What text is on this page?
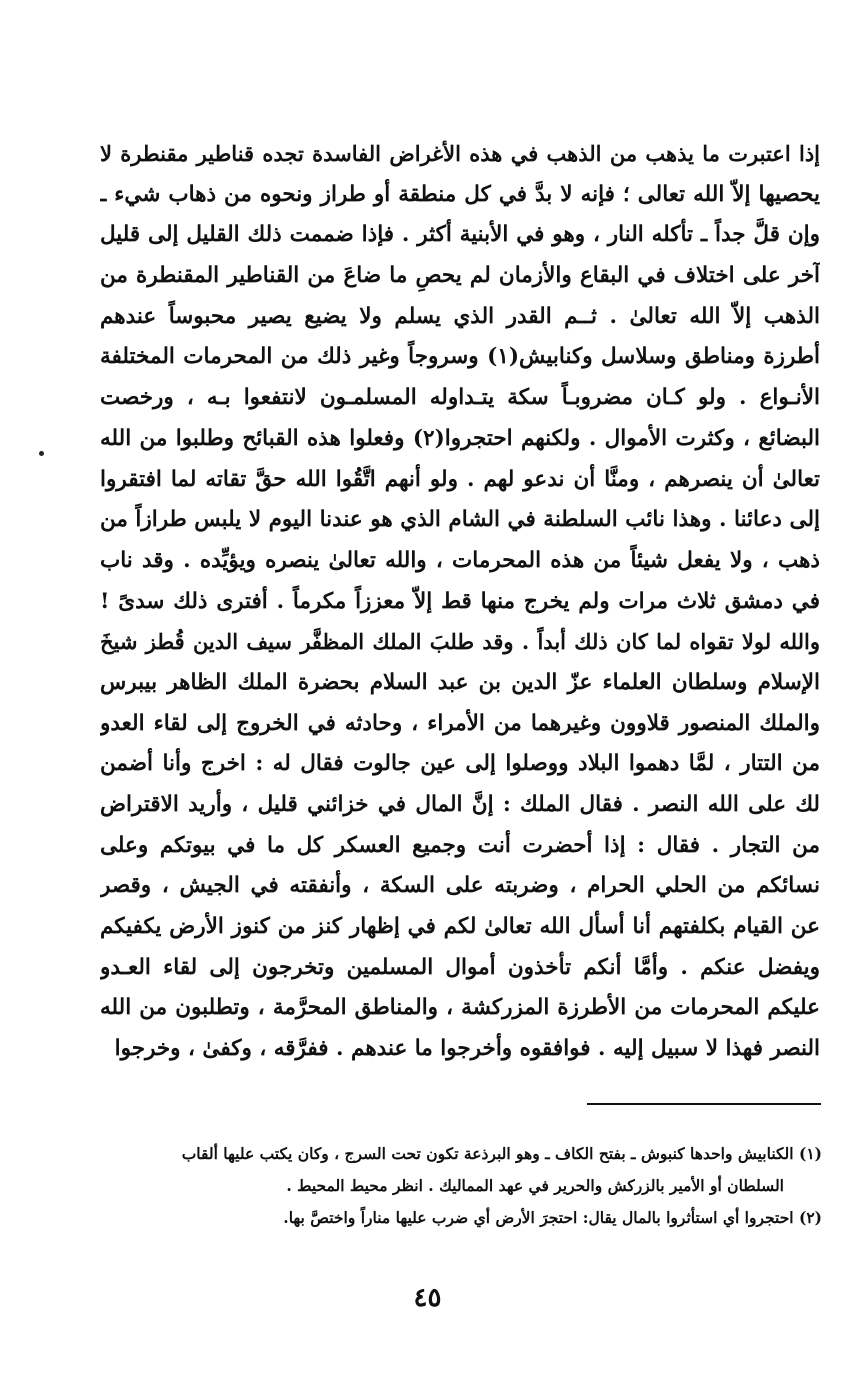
إذا اعتبرت ما يذهب من الذهب في هذه الأغراض الفاسدة تجده قناطير مقنطرة لا
يحصيها إلاّ الله تعالى ؛ فإنه لا بدَّ في كل منطقة أو طراز ونحوه من ذهاب شيء ـ
وإن قلَّ جداً ـ تأكله النار ، وهو في الأبنية أكثر . فإذا ضممت ذلك القليل إلى قليل
آخر على اختلاف في البقاع والأزمان لم يحصِ ما ضاعَ من القناطير المقنطرة من
الذهب إلاّ الله تعالىٰ . ثــم القدر الذي يسلم ولا يضيع يصير محبوساً عندهم
أطرزة ومناطق وسلاسل وكنابيش(١) وسروجاً وغير ذلك من المحرمات المختلفة
الأنـواع . ولو كـان مضروبـاً سكة يتـداوله المسلمـون لانتفعوا بـه ، ورخصت
البضائع ، وكثرت الأموال . ولكنهم احتجروا(٢) وفعلوا هذه القبائح وطلبوا من الله
تعالىٰ أن ينصرهم ، ومنَّا أن ندعو لهم . ولو أنهم اتَّقُوا الله حقَّ تقاته لما افتقروا
إلى دعائنا . وهذا نائب السلطنة في الشام الذي هو عندنا اليوم لا يلبس طرازاً من
ذهب ، ولا يفعل شيئاً من هذه المحرمات ، والله تعالىٰ ينصره ويؤيِّده . وقد ناب
في دمشق ثلاث مرات ولم يخرج منها قط إلاّ معززاً مكرماً . أفترى ذلك سدىً !
والله لولا تقواه لما كان ذلك أبداً . وقد طلبَ الملك المظفَّر سيف الدين قُطز شيخَ
الإسلام وسلطان العلماء عزّ الدين بن عبد السلام بحضرة الملك الظاهر بيبرس
والملك المنصور قلاوون وغيرهما من الأمراء ، وحادثه في الخروج إلى لقاء العدو
من التتار ، لمَّا دهموا البلاد ووصلوا إلى عين جالوت فقال له : اخرج وأنا أضمن
لك على الله النصر . فقال الملك : إنَّ المال في خزائني قليل ، وأريد الاقتراض
من التجار . فقال : إذا أحضرت أنت وجميع العسكر كل ما في بيوتكم وعلى
نسائكم من الحلي الحرام ، وضربته على السكة ، وأنفقته في الجيش ، وقصر
عن القيام بكلفتهم أنا أسأل الله تعالىٰ لكم في إظهار كنز من كنوز الأرض يكفيكم
ويفضل عنكم . وأمَّا أنكم تأخذون أموال المسلمين وتخرجون إلى لقاء العـدو
عليكم المحرمات من الأطرزة المزركشة ، والمناطق المحرَّمة ، وتطلبون من الله
النصر فهذا لا سبيل إليه . فوافقوه وأخرجوا ما عندهم . ففرَّقه ، وكفىٰ ، وخرجوا
(١) الكنابيش واحدها كنبوش ـ بفتح الكاف ـ وهو البرذعة تكون تحت السرج ، وكان يكتب عليها ألقاب
السلطان أو الأمير بالزركش والحرير في عهد المماليك . انظر محيط المحيط .
(٢) احتجروا أي استأثروا بالمال يقال: احتجرَ الأرض أي ضرب عليها مناراً واختصَّ بها.
٤٥
